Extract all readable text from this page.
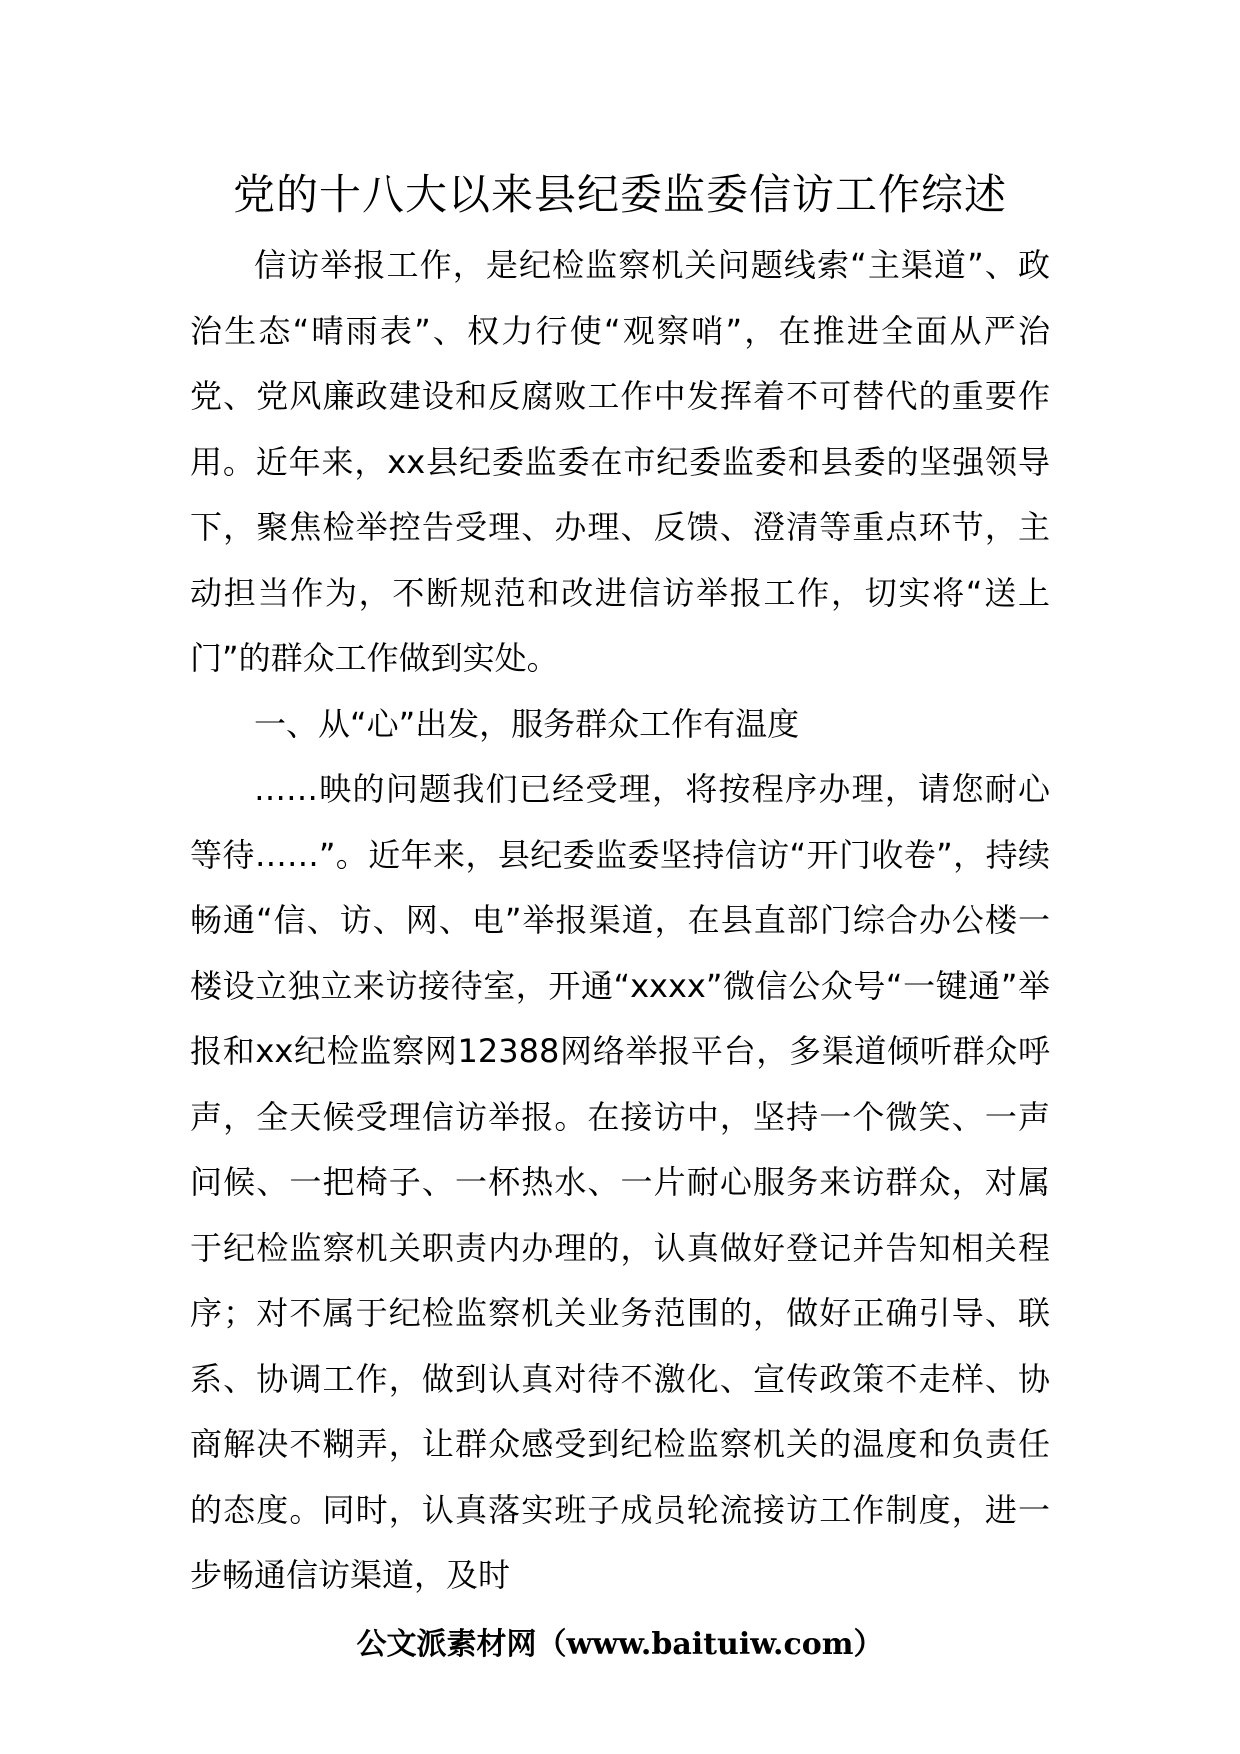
党的十八大以来县纪委监委信访工作综述

信访举报工作，是纪检监察机关问题线索“主渠道”、政治生态“晴雨表”、权力行使“观察哨”，在推进全面从严治党、党风廉政建设和反腐败工作中发挥着不可替代的重要作用。近年来，xx县纪委监委在市纪委监委和县委的坚强领导下，聚焦检举控告受理、办理、反馈、澄清等重点环节，主动担当作为，不断规范和改进信访举报工作，切实将“送上门”的群众工作做到实处。

一、从“心”出发，服务群众工作有温度

……映的问题我们已经受理，将按程序办理，请您耐心等待……”。近年来，县纪委监委坚持信访“开门收卷”，持续畅通“信、访、网、电”举报渠道，在县直部门综合办公楼一楼设立独立来访接待室，开通“xxxx”微信公众号“一键通”举报和xx纪检监察网12388网络举报平台，多渠道倾听群众呼声，全天候受理信访举报。在接访中，坚持一个微笑、一声问候、一把椅子、一杯热水、一片耐心服务来访群众，对属于纪检监察机关职责内办理的，认真做好登记并告知相关程序；对不属于纪检监察机关业务范围的，做好正确引导、联系、协调工作，做到认真对待不激化、宣传政策不走样、协商解决不糊弄，让群众感受到纪检监察机关的温度和负责任的态度。同时，认真落实班子成员轮流接访工作制度，进一步畅通信访渠道，及时

公文派素材网（www.baituiw.com）
